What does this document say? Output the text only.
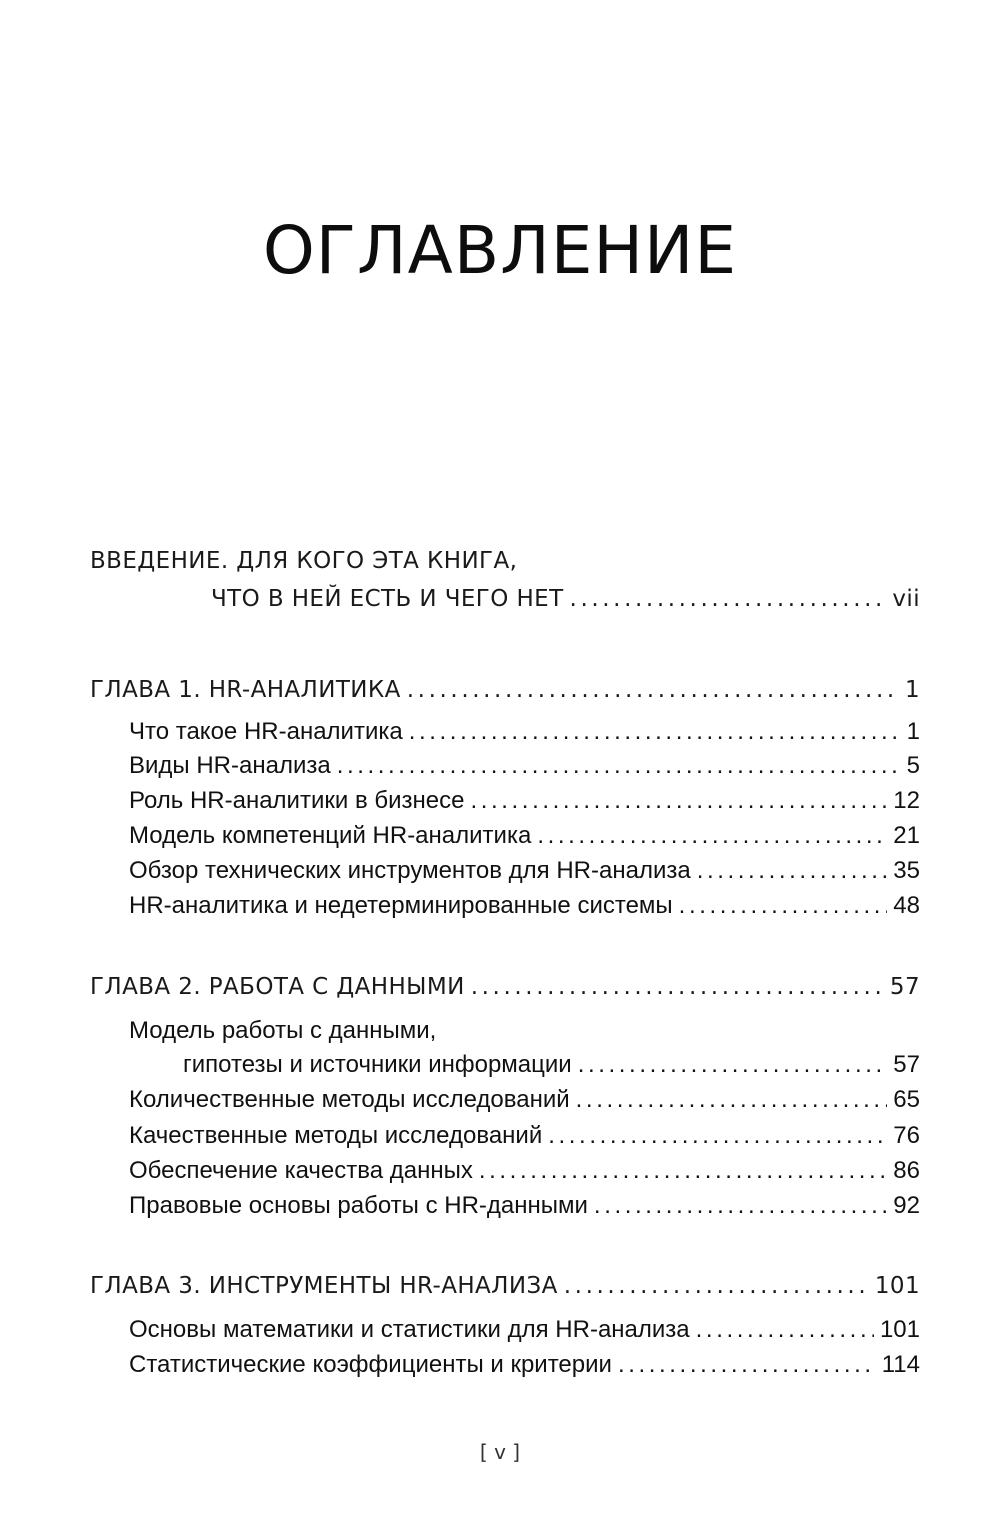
ОГЛАВЛЕНИЕ
ВВЕДЕНИЕ. ДЛЯ КОГО ЭТА КНИГА,
ЧТО В НЕЙ ЕСТЬ И ЧЕГО НЕТ .....	vii
ГЛАВА 1. HR-АНАЛИТИКА .....	1
Что такое HR-аналитика .....	1
Виды HR-анализа .....	5
Роль HR-аналитики в бизнесе .....	12
Модель компетенций HR-аналитика .....	21
Обзор технических инструментов для HR-анализа .....	35
HR-аналитика и недетерминированные системы .....	48
ГЛАВА 2. РАБОТА С ДАННЫМИ .....	57
Модель работы с данными,
гипотезы и источники информации .....	57
Количественные методы исследований .....	65
Качественные методы исследований .....	76
Обеспечение качества данных .....	86
Правовые основы работы с HR-данными .....	92
ГЛАВА 3. ИНСТРУМЕНТЫ HR-АНАЛИЗА .....	101
Основы математики и статистики для HR-анализа .....	101
Статистические коэффициенты и критерии .....	114
[ v ]
